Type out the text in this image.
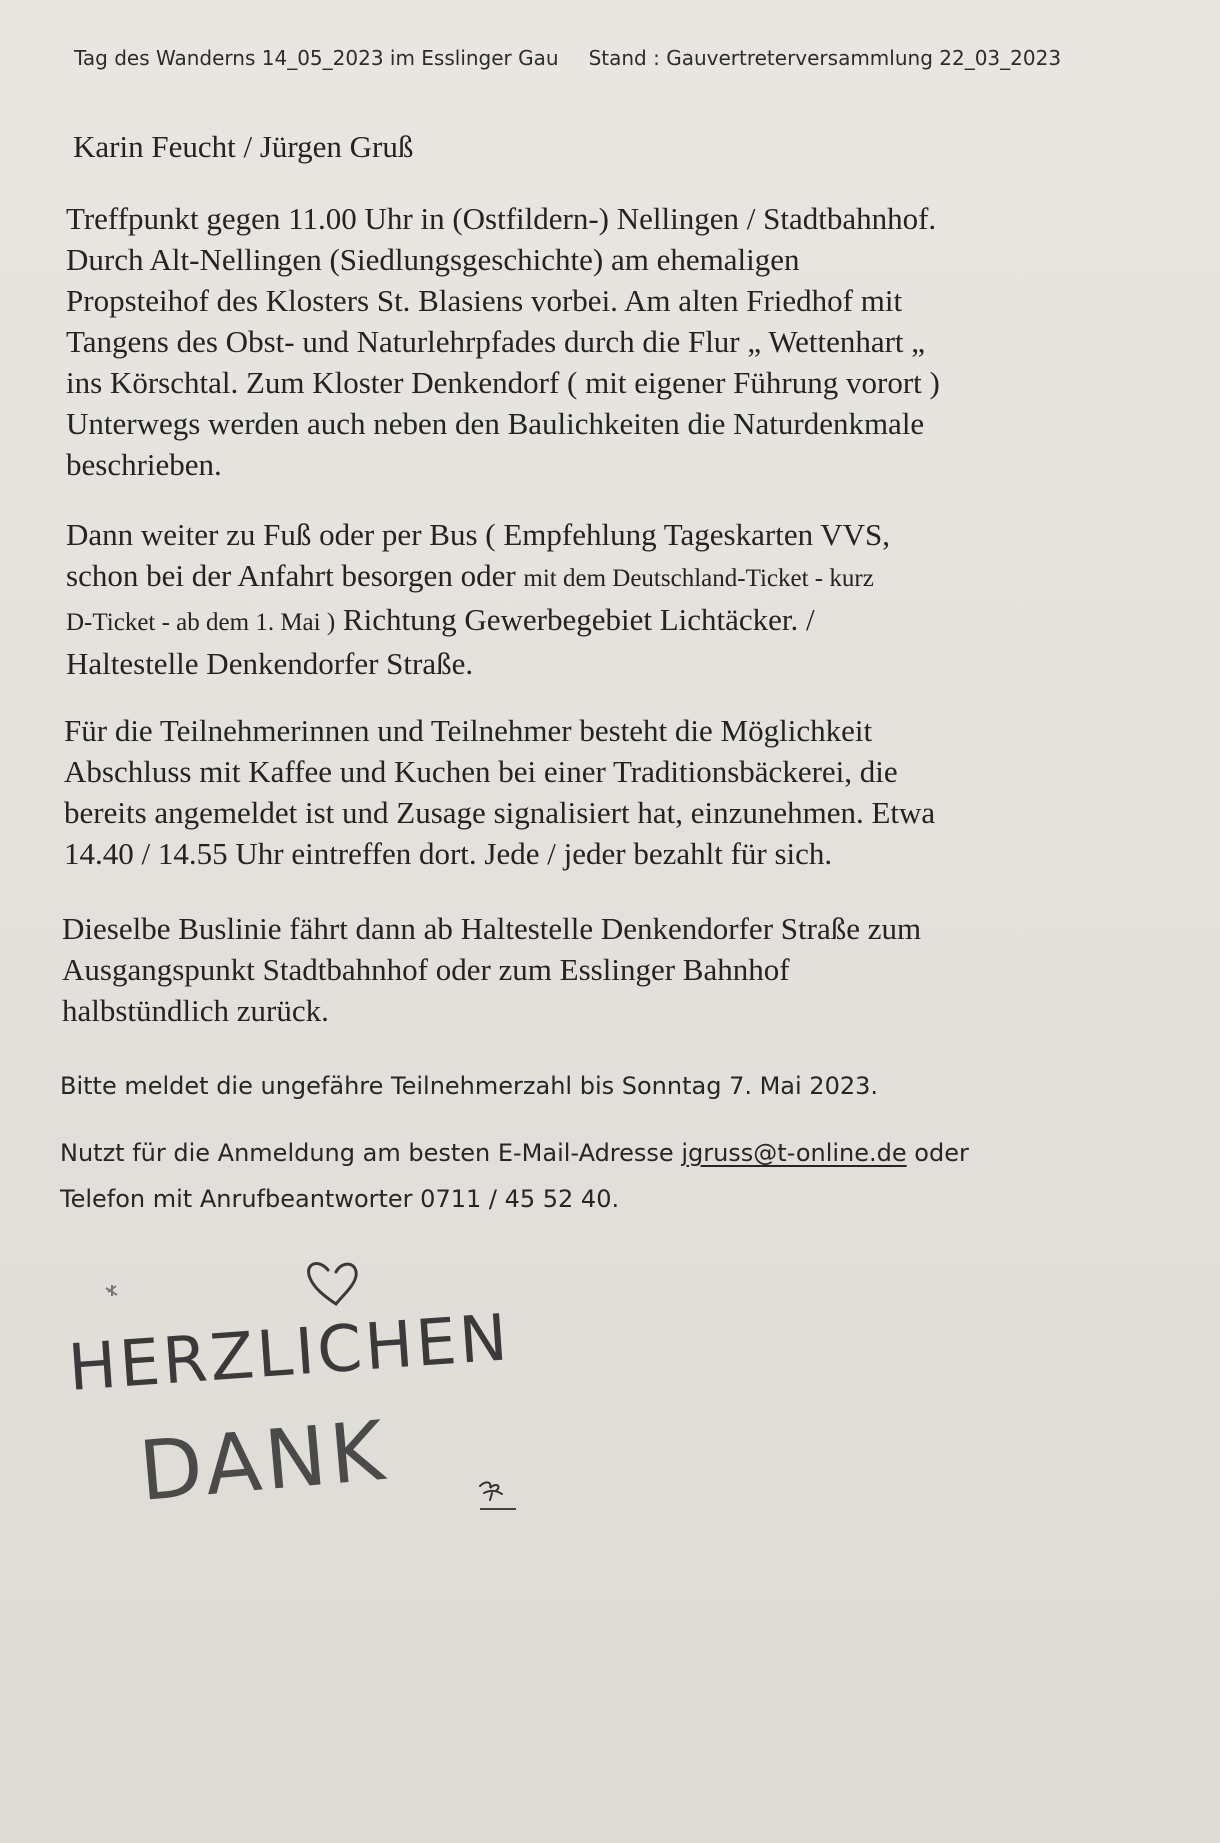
Tag des Wanderns 14_05_2023 im Esslinger Gau Stand : Gauvertreterversammlung 22_03_2023
Karin Feucht / Jürgen Gruß

Treffpunkt gegen 11.00 Uhr in (Ostfildern-) Nellingen / Stadtbahnhof.
Durch Alt-Nellingen (Siedlungsgeschichte) am ehemaligen
Propsteihof des Klosters St. Blasiens vorbei. Am alten Friedhof mit
Tangens des Obst- und Naturlehrpfades durch die Flur „ Wettenhart „
ins Körschtal. Zum Kloster Denkendorf ( mit eigener Führung vorort )
Unterwegs werden auch neben den Baulichkeiten die Naturdenkmale
beschrieben.

Dann weiter zu Fuß oder per Bus ( Empfehlung Tageskarten VVS,
schon bei der Anfahrt besorgen oder mit dem Deutschland-Ticket - kurz
D-Ticket - ab dem 1. Mai ) Richtung Gewerbegebiet Lichtäcker. /
Haltestelle Denkendorfer Straße.

Für die Teilnehmerinnen und Teilnehmer besteht die Möglichkeit
Abschluss mit Kaffee und Kuchen bei einer Traditionsbäckerei, die
bereits angemeldet ist und Zusage signalisiert hat, einzunehmen. Etwa
14.40 / 14.55 Uhr eintreffen dort. Jede / jeder bezahlt für sich.

Dieselbe Buslinie fährt dann ab Haltestelle Denkendorfer Straße zum
Ausgangspunkt Stadtbahnhof oder zum Esslinger Bahnhof
halbstündlich zurück.

Bitte meldet die ungefähre Teilnehmerzahl bis Sonntag 7. Mai 2023.
Nutzt für die Anmeldung am besten E-Mail-Adresse jgruss@t-online.de oder
Telefon mit Anrufbeantworter 0711 / 45 52 40.
HERZLICHEN
DANK
